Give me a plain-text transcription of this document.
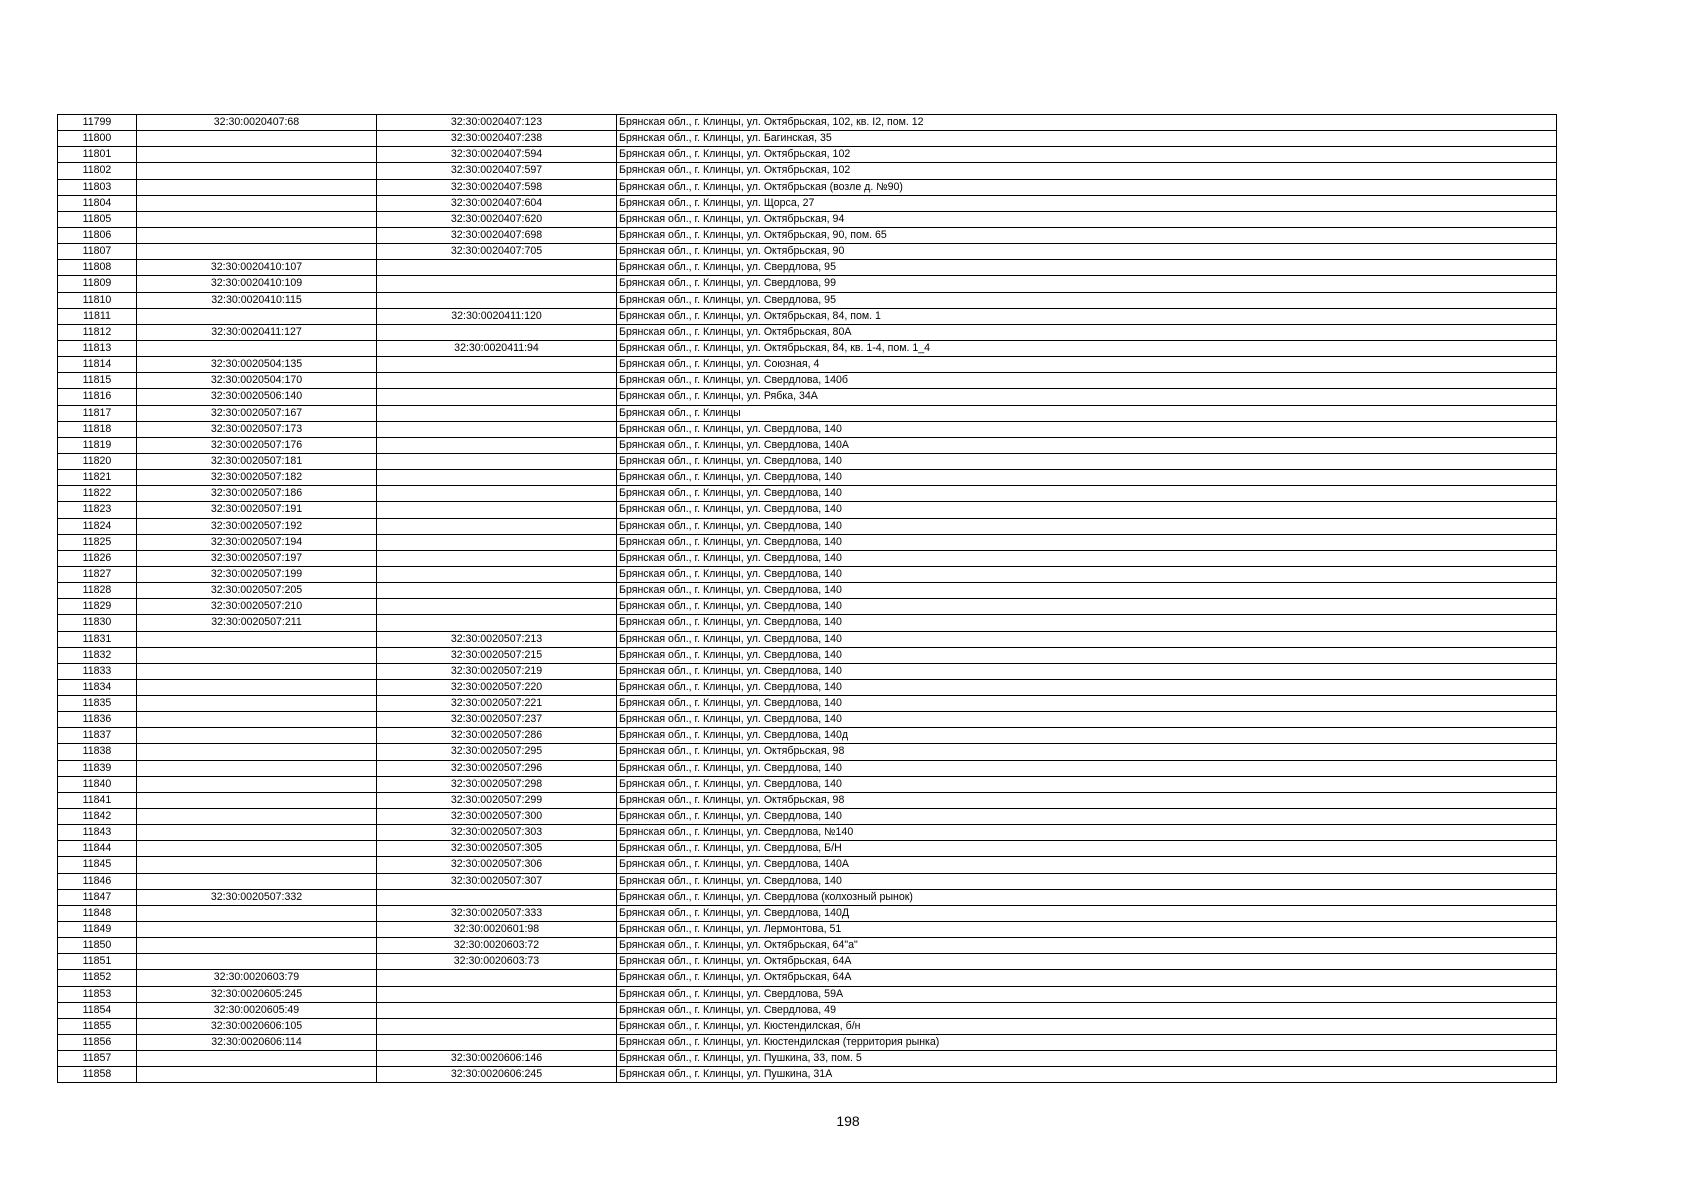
11799	32:30:0020407:68	32:30:0020407:123	Брянская обл., г. Клинцы, ул. Октябрьская, 102, кв. I2, пом. 12
11800		32:30:0020407:238	Брянская обл., г. Клинцы, ул. Багинская, 35
11801		32:30:0020407:594	Брянская обл., г. Клинцы, ул. Октябрьская, 102
11802		32:30:0020407:597	Брянская обл., г. Клинцы, ул. Октябрьская, 102
11803		32:30:0020407:598	Брянская обл., г. Клинцы, ул. Октябрьская (возле д. №90)
11804		32:30:0020407:604	Брянская обл., г. Клинцы, ул. Щорса, 27
11805		32:30:0020407:620	Брянская обл., г. Клинцы, ул. Октябрьская, 94
11806		32:30:0020407:698	Брянская обл., г. Клинцы, ул. Октябрьская, 90, пом. 65
11807		32:30:0020407:705	Брянская обл., г. Клинцы, ул. Октябрьская, 90
11808	32:30:0020410:107		Брянская обл., г. Клинцы, ул. Свердлова, 95
11809	32:30:0020410:109		Брянская обл., г. Клинцы, ул. Свердлова, 99
11810	32:30:0020410:115		Брянская обл., г. Клинцы, ул. Свердлова, 95
11811		32:30:0020411:120	Брянская обл., г. Клинцы, ул. Октябрьская, 84, пом. 1
11812	32:30:0020411:127		Брянская обл., г. Клинцы, ул. Октябрьская, 80А
11813		32:30:0020411:94	Брянская обл., г. Клинцы, ул. Октябрьская, 84, кв. 1-4, пом. 1_4
11814	32:30:0020504:135		Брянская обл., г. Клинцы, ул. Союзная, 4
11815	32:30:0020504:170		Брянская обл., г. Клинцы, ул. Свердлова, 140б
11816	32:30:0020506:140		Брянская обл., г. Клинцы, ул. Рябка, 34А
11817	32:30:0020507:167		Брянская обл., г. Клинцы
11818	32:30:0020507:173		Брянская обл., г. Клинцы, ул. Свердлова, 140
11819	32:30:0020507:176		Брянская обл., г. Клинцы, ул. Свердлова, 140А
11820	32:30:0020507:181		Брянская обл., г. Клинцы, ул. Свердлова, 140
11821	32:30:0020507:182		Брянская обл., г. Клинцы, ул. Свердлова, 140
11822	32:30:0020507:186		Брянская обл., г. Клинцы, ул. Свердлова, 140
11823	32:30:0020507:191		Брянская обл., г. Клинцы, ул. Свердлова, 140
11824	32:30:0020507:192		Брянская обл., г. Клинцы, ул. Свердлова, 140
11825	32:30:0020507:194		Брянская обл., г. Клинцы, ул. Свердлова, 140
11826	32:30:0020507:197		Брянская обл., г. Клинцы, ул. Свердлова, 140
11827	32:30:0020507:199		Брянская обл., г. Клинцы, ул. Свердлова, 140
11828	32:30:0020507:205		Брянская обл., г. Клинцы, ул. Свердлова, 140
11829	32:30:0020507:210		Брянская обл., г. Клинцы, ул. Свердлова, 140
11830	32:30:0020507:211		Брянская обл., г. Клинцы, ул. Свердлова, 140
11831		32:30:0020507:213	Брянская обл., г. Клинцы, ул. Свердлова, 140
11832		32:30:0020507:215	Брянская обл., г. Клинцы, ул. Свердлова, 140
11833		32:30:0020507:219	Брянская обл., г. Клинцы, ул. Свердлова, 140
11834		32:30:0020507:220	Брянская обл., г. Клинцы, ул. Свердлова, 140
11835		32:30:0020507:221	Брянская обл., г. Клинцы, ул. Свердлова, 140
11836		32:30:0020507:237	Брянская обл., г. Клинцы, ул. Свердлова, 140
11837		32:30:0020507:286	Брянская обл., г. Клинцы, ул. Свердлова, 140д
11838		32:30:0020507:295	Брянская обл., г. Клинцы, ул. Октябрьская, 98
11839		32:30:0020507:296	Брянская обл., г. Клинцы, ул. Свердлова, 140
11840		32:30:0020507:298	Брянская обл., г. Клинцы, ул. Свердлова, 140
11841		32:30:0020507:299	Брянская обл., г. Клинцы, ул. Октябрьская, 98
11842		32:30:0020507:300	Брянская обл., г. Клинцы, ул. Свердлова, 140
11843		32:30:0020507:303	Брянская обл., г. Клинцы, ул. Свердлова, №140
11844		32:30:0020507:305	Брянская обл., г. Клинцы, ул. Свердлова, Б/Н
11845		32:30:0020507:306	Брянская обл., г. Клинцы, ул. Свердлова, 140А
11846		32:30:0020507:307	Брянская обл., г. Клинцы, ул. Свердлова, 140
11847	32:30:0020507:332		Брянская обл., г. Клинцы, ул. Свердлова (колхозный рынок)
11848		32:30:0020507:333	Брянская обл., г. Клинцы, ул. Свердлова, 140Д
11849		32:30:0020601:98	Брянская обл., г. Клинцы, ул. Лермонтова, 51
11850		32:30:0020603:72	Брянская обл., г. Клинцы, ул. Октябрьская, 64"а"
11851		32:30:0020603:73	Брянская обл., г. Клинцы, ул. Октябрьская, 64А
11852	32:30:0020603:79		Брянская обл., г. Клинцы, ул. Октябрьская, 64А
11853	32:30:0020605:245		Брянская обл., г. Клинцы, ул. Свердлова, 59А
11854	32:30:0020605:49		Брянская обл., г. Клинцы, ул. Свердлова, 49
11855	32:30:0020606:105		Брянская обл., г. Клинцы, ул. Кюстендилская, б/н
11856	32:30:0020606:114		Брянская обл., г. Клинцы, ул. Кюстендилская (территория рынка)
11857		32:30:0020606:146	Брянская обл., г. Клинцы, ул. Пушкина, 33, пом. 5
11858		32:30:0020606:245	Брянская обл., г. Клинцы, ул. Пушкина, 31А
198
